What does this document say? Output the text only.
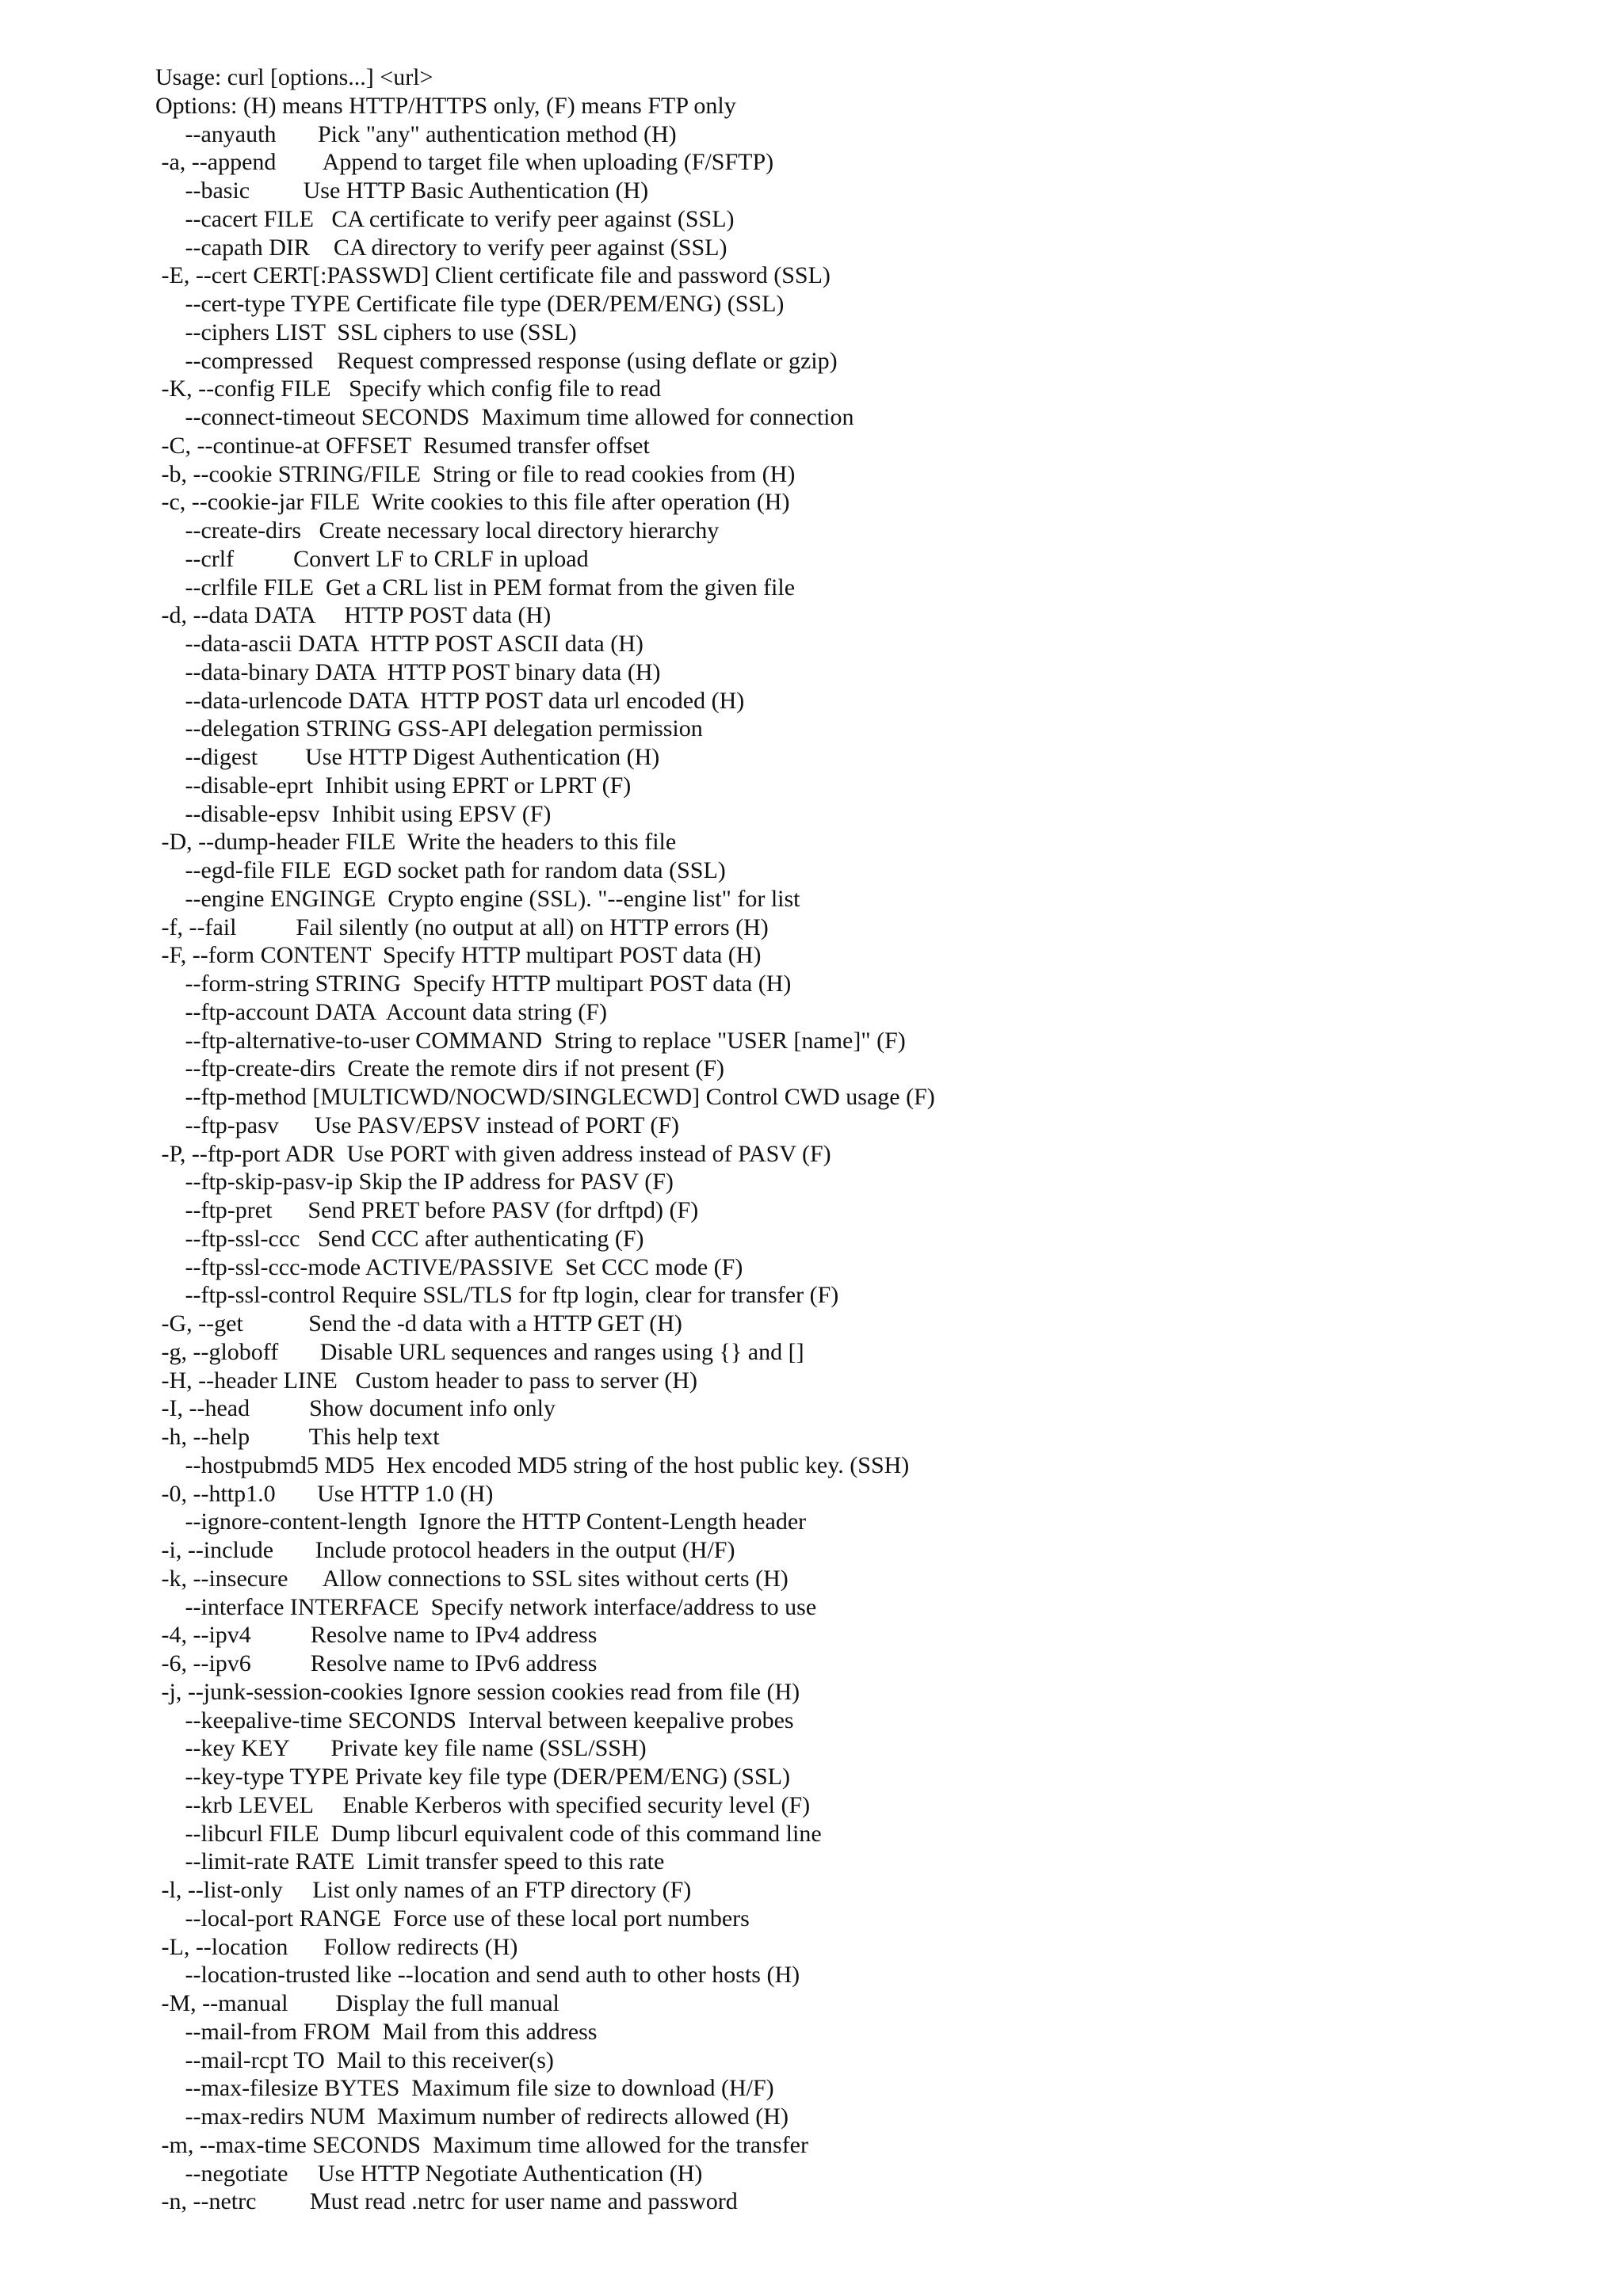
Usage: curl [options...] <url>
Options: (H) means HTTP/HTTPS only, (F) means FTP only
--anyauth       Pick "any" authentication method (H)
-a, --append        Append to target file when uploading (F/SFTP)
--basic         Use HTTP Basic Authentication (H)
--cacert FILE   CA certificate to verify peer against (SSL)
--capath DIR    CA directory to verify peer against (SSL)
-E, --cert CERT[:PASSWD] Client certificate file and password (SSL)
--cert-type TYPE Certificate file type (DER/PEM/ENG) (SSL)
--ciphers LIST  SSL ciphers to use (SSL)
--compressed    Request compressed response (using deflate or gzip)
-K, --config FILE   Specify which config file to read
--connect-timeout SECONDS  Maximum time allowed for connection
-C, --continue-at OFFSET  Resumed transfer offset
-b, --cookie STRING/FILE  String or file to read cookies from (H)
-c, --cookie-jar FILE  Write cookies to this file after operation (H)
--create-dirs   Create necessary local directory hierarchy
--crlf          Convert LF to CRLF in upload
--crlfile FILE  Get a CRL list in PEM format from the given file
-d, --data DATA     HTTP POST data (H)
--data-ascii DATA  HTTP POST ASCII data (H)
--data-binary DATA  HTTP POST binary data (H)
--data-urlencode DATA  HTTP POST data url encoded (H)
--delegation STRING GSS-API delegation permission
--digest        Use HTTP Digest Authentication (H)
--disable-eprt  Inhibit using EPRT or LPRT (F)
--disable-epsv  Inhibit using EPSV (F)
-D, --dump-header FILE  Write the headers to this file
--egd-file FILE  EGD socket path for random data (SSL)
--engine ENGINGE  Crypto engine (SSL). "--engine list" for list
-f, --fail          Fail silently (no output at all) on HTTP errors (H)
-F, --form CONTENT  Specify HTTP multipart POST data (H)
--form-string STRING  Specify HTTP multipart POST data (H)
--ftp-account DATA  Account data string (F)
--ftp-alternative-to-user COMMAND  String to replace "USER [name]" (F)
--ftp-create-dirs  Create the remote dirs if not present (F)
--ftp-method [MULTICWD/NOCWD/SINGLECWD] Control CWD usage (F)
--ftp-pasv      Use PASV/EPSV instead of PORT (F)
-P, --ftp-port ADR  Use PORT with given address instead of PASV (F)
--ftp-skip-pasv-ip Skip the IP address for PASV (F)
--ftp-pret      Send PRET before PASV (for drftpd) (F)
--ftp-ssl-ccc   Send CCC after authenticating (F)
--ftp-ssl-ccc-mode ACTIVE/PASSIVE  Set CCC mode (F)
--ftp-ssl-control Require SSL/TLS for ftp login, clear for transfer (F)
-G, --get           Send the -d data with a HTTP GET (H)
-g, --globoff       Disable URL sequences and ranges using {} and []
-H, --header LINE   Custom header to pass to server (H)
-I, --head          Show document info only
-h, --help          This help text
--hostpubmd5 MD5  Hex encoded MD5 string of the host public key. (SSH)
-0, --http1.0       Use HTTP 1.0 (H)
--ignore-content-length  Ignore the HTTP Content-Length header
-i, --include       Include protocol headers in the output (H/F)
-k, --insecure      Allow connections to SSL sites without certs (H)
--interface INTERFACE  Specify network interface/address to use
-4, --ipv4          Resolve name to IPv4 address
-6, --ipv6          Resolve name to IPv6 address
-j, --junk-session-cookies Ignore session cookies read from file (H)
--keepalive-time SECONDS  Interval between keepalive probes
--key KEY       Private key file name (SSL/SSH)
--key-type TYPE Private key file type (DER/PEM/ENG) (SSL)
--krb LEVEL     Enable Kerberos with specified security level (F)
--libcurl FILE  Dump libcurl equivalent code of this command line
--limit-rate RATE  Limit transfer speed to this rate
-l, --list-only     List only names of an FTP directory (F)
--local-port RANGE  Force use of these local port numbers
-L, --location      Follow redirects (H)
--location-trusted like --location and send auth to other hosts (H)
-M, --manual        Display the full manual
--mail-from FROM  Mail from this address
--mail-rcpt TO  Mail to this receiver(s)
--max-filesize BYTES  Maximum file size to download (H/F)
--max-redirs NUM  Maximum number of redirects allowed (H)
-m, --max-time SECONDS  Maximum time allowed for the transfer
--negotiate     Use HTTP Negotiate Authentication (H)
-n, --netrc         Must read .netrc for user name and password
